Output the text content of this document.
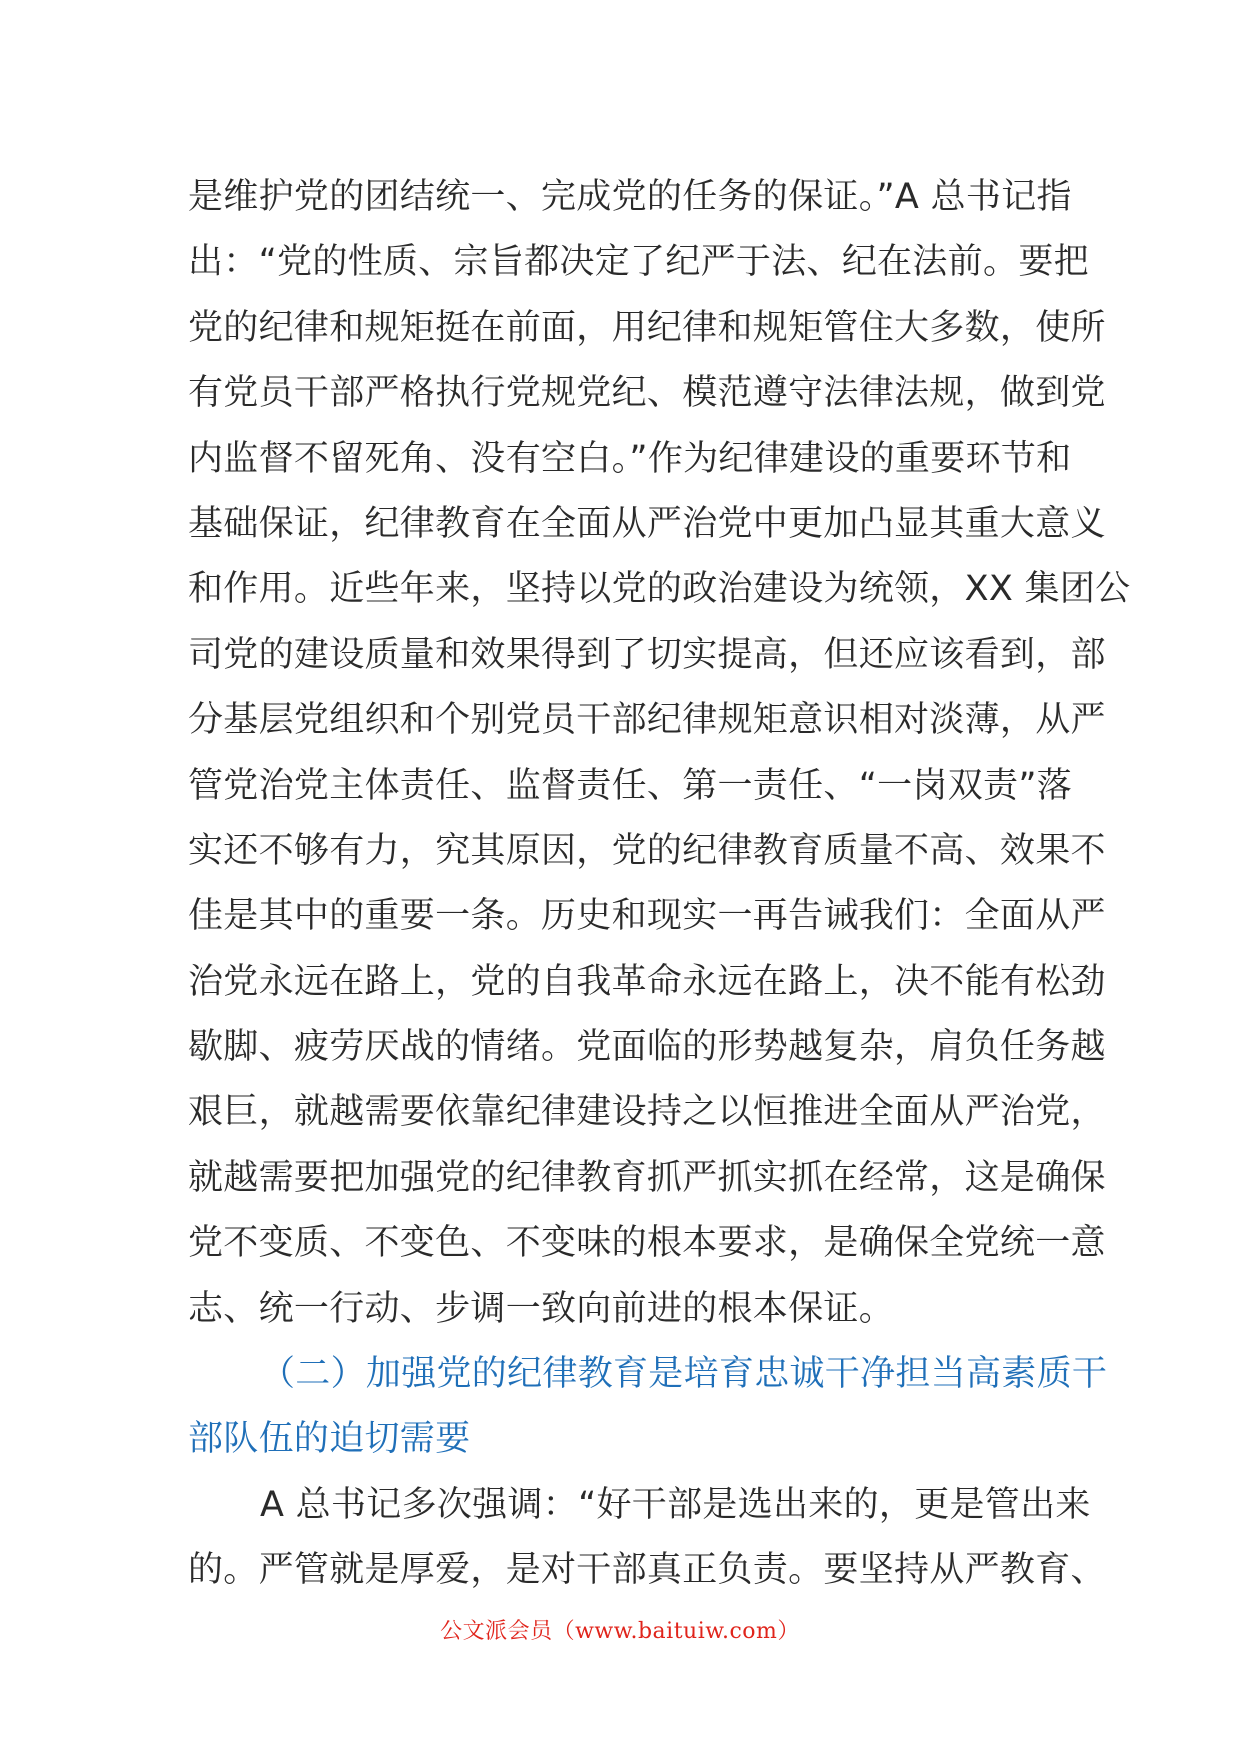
是维护党的团结统一、完成党的任务的保证。”A 总书记指
出：“党的性质、宗旨都决定了纪严于法、纪在法前。要把
党的纪律和规矩挺在前面，用纪律和规矩管住大多数，使所
有党员干部严格执行党规党纪、模范遵守法律法规，做到党
内监督不留死角、没有空白。”作为纪律建设的重要环节和
基础保证，纪律教育在全面从严治党中更加凸显其重大意义
和作用。近些年来，坚持以党的政治建设为统领，XX 集团公
司党的建设质量和效果得到了切实提高，但还应该看到，部
分基层党组织和个别党员干部纪律规矩意识相对淡薄，从严
管党治党主体责任、监督责任、第一责任、“一岗双责”落
实还不够有力，究其原因，党的纪律教育质量不高、效果不
佳是其中的重要一条。历史和现实一再告诫我们：全面从严
治党永远在路上，党的自我革命永远在路上，决不能有松劲
歇脚、疲劳厌战的情绪。党面临的形势越复杂，肩负任务越
艰巨，就越需要依靠纪律建设持之以恒推进全面从严治党，
就越需要把加强党的纪律教育抓严抓实抓在经常，这是确保
党不变质、不变色、不变味的根本要求，是确保全党统一意
志、统一行动、步调一致向前进的根本保证。
（二）加强党的纪律教育是培育忠诚干净担当高素质干
部队伍的迫切需要
A 总书记多次强调：“好干部是选出来的，更是管出来
的。严管就是厚爱，是对干部真正负责。要坚持从严教育、
公文派会员（www.baituiw.com）
